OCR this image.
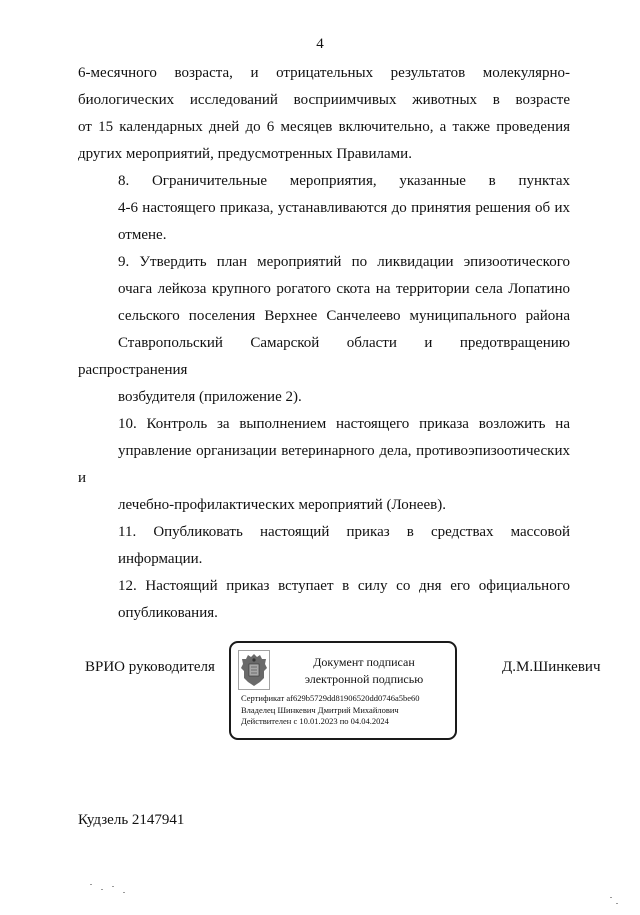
4
6-месячного возраста, и отрицательных результатов молекулярно-
биологических исследований восприимчивых животных в возрасте
от 15 календарных дней до 6 месяцев включительно, а также проведения
других мероприятий, предусмотренных Правилами.
8. Ограничительные мероприятия, указанные в пунктах
4-6 настоящего приказа, устанавливаются до принятия решения об их
отмене.
9. Утвердить план мероприятий по ликвидации эпизоотического
очага лейкоза крупного рогатого скота на территории села Лопатино
сельского поселения Верхнее Санчелеево муниципального района
Ставропольский Самарской области и предотвращению распространения
возбудителя (приложение 2).
10. Контроль за выполнением настоящего приказа возложить на
управление организации ветеринарного дела, противоэпизоотических и
лечебно-профилактических мероприятий (Лонеев).
11. Опубликовать настоящий приказ в средствах массовой
информации.
12. Настоящий приказ вступает в силу со дня его официального
опубликования.
ВРИО руководителя	Документ подписан
электронной подписью
Сертификат af629b5729dd81906520dd0746a5be60
Владелец Шинкевич Дмитрий Михайлович
Действителен с 10.01.2023 по 04.04.2024
Д.М.Шинкевич
Кудзель 2147941
